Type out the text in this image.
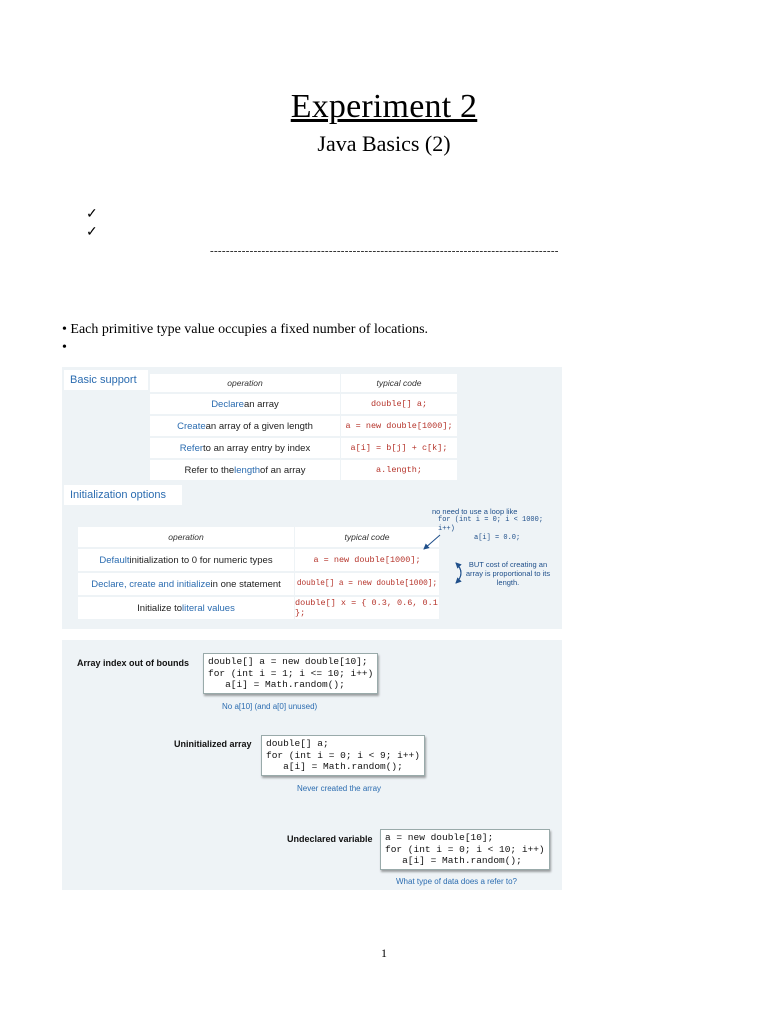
Experiment 2
Java Basics (2)
✓
✓
----------------------------------------------------------------------------------------
• Each primitive type value occupies a fixed number of locations.
•
Basic support	operation	typical code
Declare an array	double[] a;
Create an array of a given length	a = new double[1000];
Refer to an array entry by index	a[i] = b[j] + c[k];
Refer to the length of an array	a.length;
Initialization options
operation	typical code
Default initialization to 0 for numeric types	a = new double[1000];
Declare, create and initialize in one statement double[] a = new double[1000];
Initialize to literal values	double[] x = { 0.3, 0.6, 0.1 };
no need to use a loop like
for (int i = 0; i < 1000; i++)
a[i] = 0.0;
BUT cost of creating an array is proportional to its length.
Array index out of bounds	double[] a = new double[10];
for (int i = 1; i <= 10; i++)
a[i] = Math.random();
No a[10] (and a[0] unused)
Uninitialized array	double[] a;
for (int i = 0; i < 9; i++)
a[i] = Math.random();
Never created the array
Undeclared variable	a = new double[10];
for (int i = 0; i < 10; i++)
a[i] = Math.random();
What type of data does a refer to?
1
